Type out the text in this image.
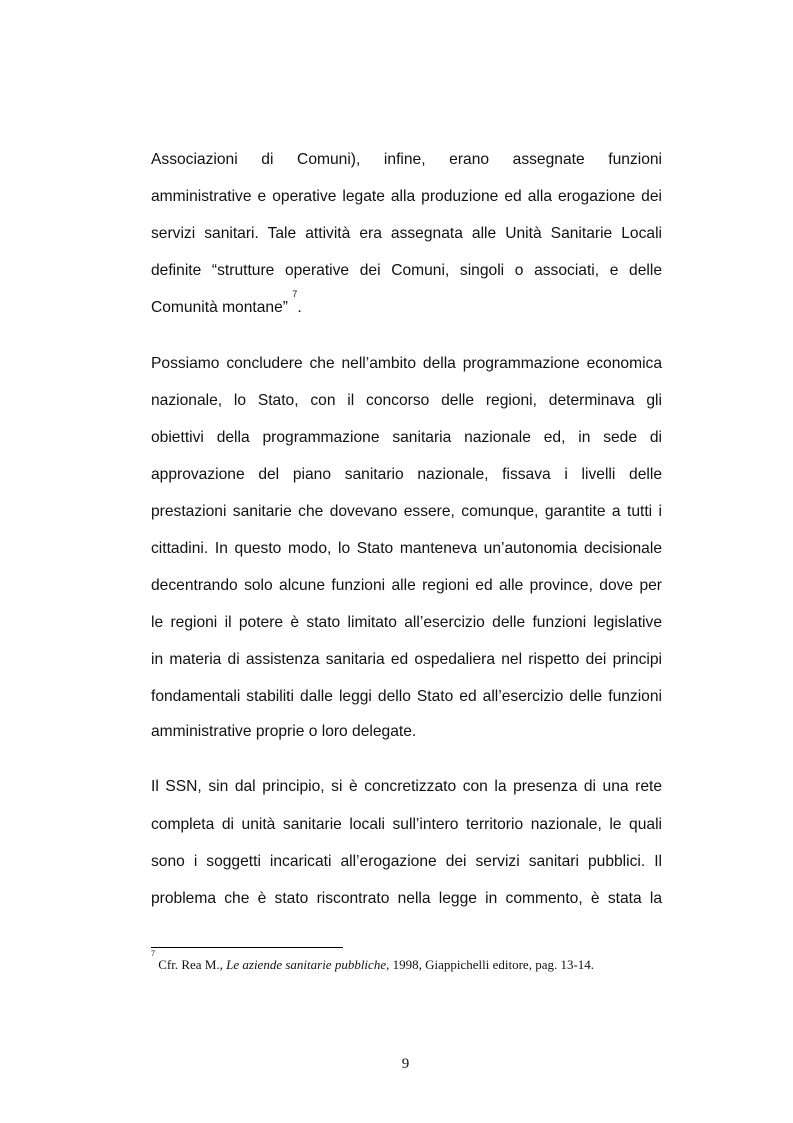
Associazioni di Comuni), infine, erano assegnate funzioni
amministrative e operative legate alla produzione ed alla erogazione dei
servizi sanitari. Tale attività era assegnata alle Unità Sanitarie Locali
definite “strutture operative dei Comuni, singoli o associati, e delle
Comunità montane” $^7$.
Possiamo concludere che nell’ambito della programmazione economica
nazionale, lo Stato, con il concorso delle regioni, determinava gli
obiettivi della programmazione sanitaria nazionale ed, in sede di
approvazione del piano sanitario nazionale, fissava i livelli delle
prestazioni sanitarie che dovevano essere, comunque, garantite a tutti i
cittadini. In questo modo, lo Stato manteneva un’autonomia decisionale
decentrando solo alcune funzioni alle regioni ed alle province, dove per
le regioni il potere è stato limitato all’esercizio delle funzioni legislative
in materia di assistenza sanitaria ed ospedaliera nel rispetto dei principi
fondamentali stabiliti dalle leggi dello Stato ed all’esercizio delle funzioni
amministrative proprie o loro delegate.
Il SSN, sin dal principio, si è concretizzato con la presenza di una rete
completa di unità sanitarie locali sull’intero territorio nazionale, le quali
sono i soggetti incaricati all’erogazione dei servizi sanitari pubblici. Il
problema che è stato riscontrato nella legge in commento, è stata la
$^7$ Cfr. Rea M., Le aziende sanitarie pubbliche, 1998, Giappichelli editore, pag. 13-14.
9
